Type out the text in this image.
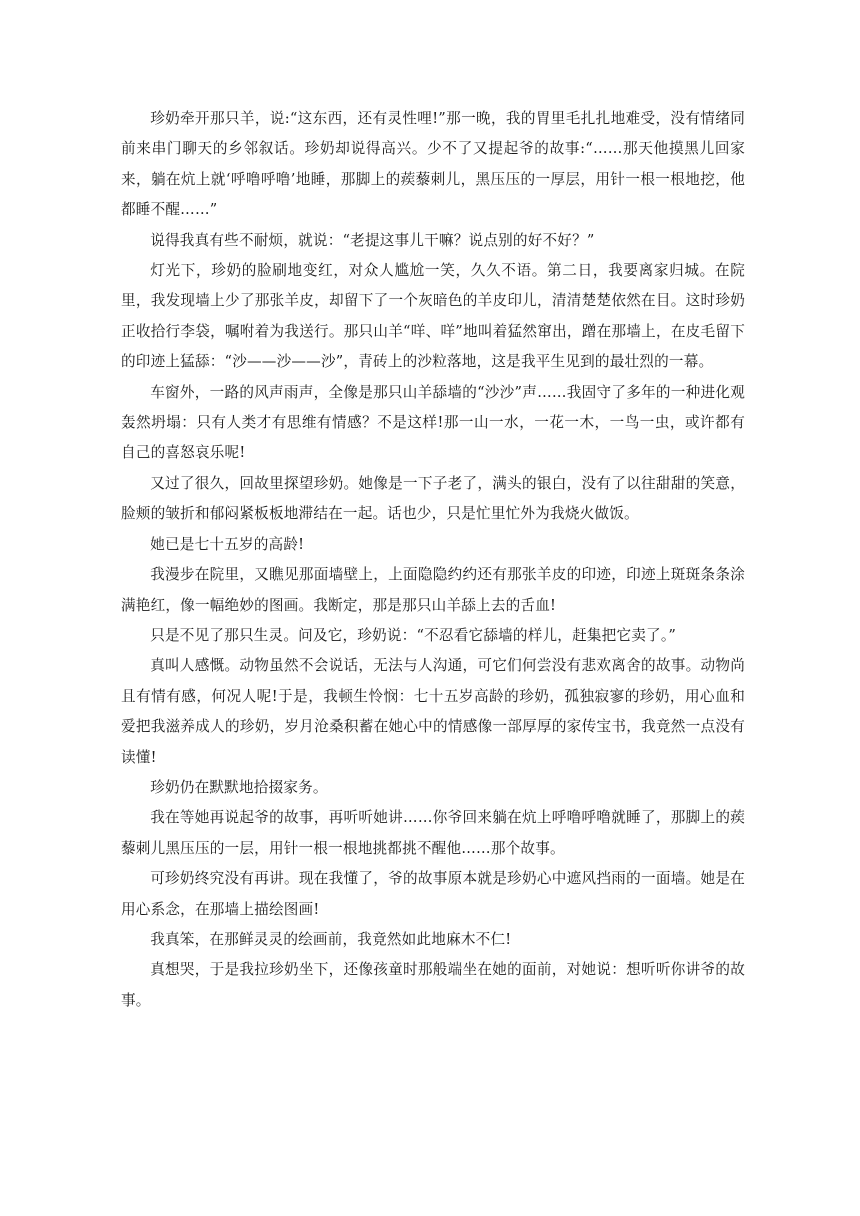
珍奶牵开那只羊，说:“这东西，还有灵性哩!”那一晚，我的胃里毛扎扎地难受，没有情绪同前来串门聊天的乡邻叙话。珍奶却说得高兴。少不了又提起爷的故事:“……那天他摸黑儿回家来，躺在炕上就‘呼噜呼噜’地睡，那脚上的蒺藜刺儿，黑压压的一厚层，用针一根一根地挖，他都睡不醒……”

说得我真有些不耐烦，就说：“老提这事儿干嘛？说点别的好不好？”

灯光下，珍奶的脸刷地变红，对众人尴尬一笑，久久不语。第二日，我要离家归城。在院里，我发现墙上少了那张羊皮，却留下了一个灰暗色的羊皮印儿，清清楚楚依然在目。这时珍奶正收拾行李袋，嘱咐着为我送行。那只山羊“咩、咩”地叫着猛然窜出，蹭在那墙上，在皮毛留下的印迹上猛舔：“沙——沙——沙”，青砖上的沙粒落地，这是我平生见到的最壮烈的一幕。

车窗外，一路的风声雨声，全像是那只山羊舔墙的“沙沙”声……我固守了多年的一种进化观轰然坍塌：只有人类才有思维有情感？不是这样!那一山一水，一花一木，一鸟一虫，或许都有自己的喜怒哀乐呢!

又过了很久，回故里探望珍奶。她像是一下子老了，满头的银白，没有了以往甜甜的笑意，脸颊的皱折和郁闷紧板板地滞结在一起。话也少，只是忙里忙外为我烧火做饭。

她已是七十五岁的高龄!

我漫步在院里，又瞧见那面墙壁上，上面隐隐约约还有那张羊皮的印迹，印迹上斑斑条条涂满艳红，像一幅绝妙的图画。我断定，那是那只山羊舔上去的舌血!

只是不见了那只生灵。问及它，珍奶说：“不忍看它舔墙的样儿，赶集把它卖了。”

真叫人感慨。动物虽然不会说话，无法与人沟通，可它们何尝没有悲欢离舍的故事。动物尚且有情有感，何况人呢!于是，我顿生怜悯：七十五岁高龄的珍奶，孤独寂寥的珍奶，用心血和爱把我滋养成人的珍奶，岁月沧桑积蓄在她心中的情感像一部厚厚的家传宝书，我竟然一点没有读懂!

珍奶仍在默默地拾掇家务。

我在等她再说起爷的故事，再听听她讲……你爷回来躺在炕上呼噜呼噜就睡了，那脚上的蒺藜刺儿黑压压的一层，用针一根一根地挑都挑不醒他……那个故事。

可珍奶终究没有再讲。现在我懂了，爷的故事原本就是珍奶心中遮风挡雨的一面墙。她是在用心系念，在那墙上描绘图画!

我真笨，在那鲜灵灵的绘画前，我竟然如此地麻木不仁!

真想哭，于是我拉珍奶坐下，还像孩童时那般端坐在她的面前，对她说：想听听你讲爷的故事。
